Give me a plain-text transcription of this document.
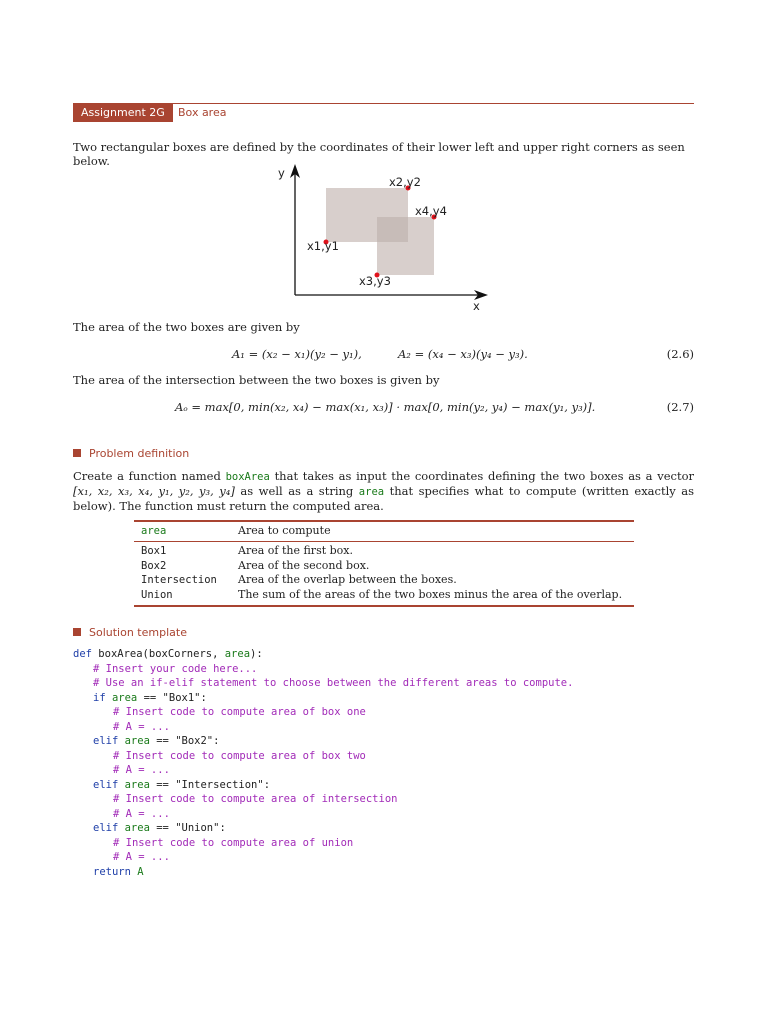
Assignment 2G	Box area
Two rectangular boxes are defined by the coordinates of their lower left and upper right corners as seen below.
y
x
x2,y2
x4,y4
x1,y1
x3,y3
The area of the two boxes are given by
A₁ = (x₂ − x₁)(y₂ − y₁),	A₂ = (x₄ − x₃)(y₄ − y₃).	(2.6)
The area of the intersection between the two boxes is given by
Aₒ = max[0, min(x₂, x₄) − max(x₁, x₃)] · max[0, min(y₂, y₄) − max(y₁, y₃)].	(2.7)
Problem definition
Create a function named boxArea that takes as input the coordinates defining the two boxes as a vector [x₁, x₂, x₃, x₄, y₁, y₂, y₃, y₄] as well as a string area that specifies what to compute (written exactly as below). The function must return the computed area.
area	Area to compute
Box1	Area of the first box.
Box2	Area of the second box.
Intersection	Area of the overlap between the boxes.
Union	The sum of the areas of the two boxes minus the area of the overlap.
Solution template
def boxArea(boxCorners, area):
# Insert your code here...
# Use an if-elif statement to choose between the different areas to compute.
if area == "Box1":
# Insert code to compute area of box one
# A = ...
elif area == "Box2":
# Insert code to compute area of box two
# A = ...
elif area == "Intersection":
# Insert code to compute area of intersection
# A = ...
elif area == "Union":
# Insert code to compute area of union
# A = ...
return A
